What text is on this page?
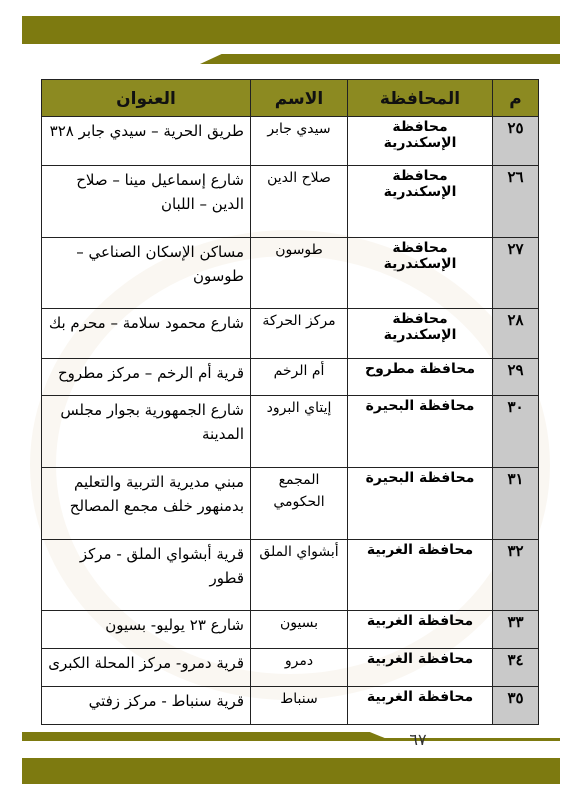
م	المحافظة	الاسم	العنوان
٢٥	محافظة الإسكندرية	سيدي جابر	طريق الحرية – سيدي جابر ٣٢٨
٢٦	محافظة الإسكندرية	صلاح الدين	شارع إسماعيل مينا – صلاح الدين – اللبان
٢٧	محافظة الإسكندرية	طوسون	مساكن الإسكان الصناعي – طوسون
٢٨	محافظة الإسكندرية	مركز الحركة	شارع محمود سلامة – محرم بك
٢٩	محافظة مطروح	أم الرخم	قرية أم الرخم – مركز مطروح
٣٠	محافظة البحيرة	إيتاي البرود	شارع الجمهورية بجوار مجلس المدينة
٣١	محافظة البحيرة	المجمع الحكومي	مبني مديرية التربية والتعليم بدمنهور خلف مجمع المصالح
٣٢	محافظة الغربية	أبشواي الملق	قرية أبشواي الملق - مركز قطور
٣٣	محافظة الغربية	بسيون	شارع ٢٣ يوليو- بسيون
٣٤	محافظة الغربية	دمرو	قرية دمرو- مركز المحلة الكبرى
٣٥	محافظة الغربية	سنباط	قرية سنباط - مركز زفتي
٦٧
